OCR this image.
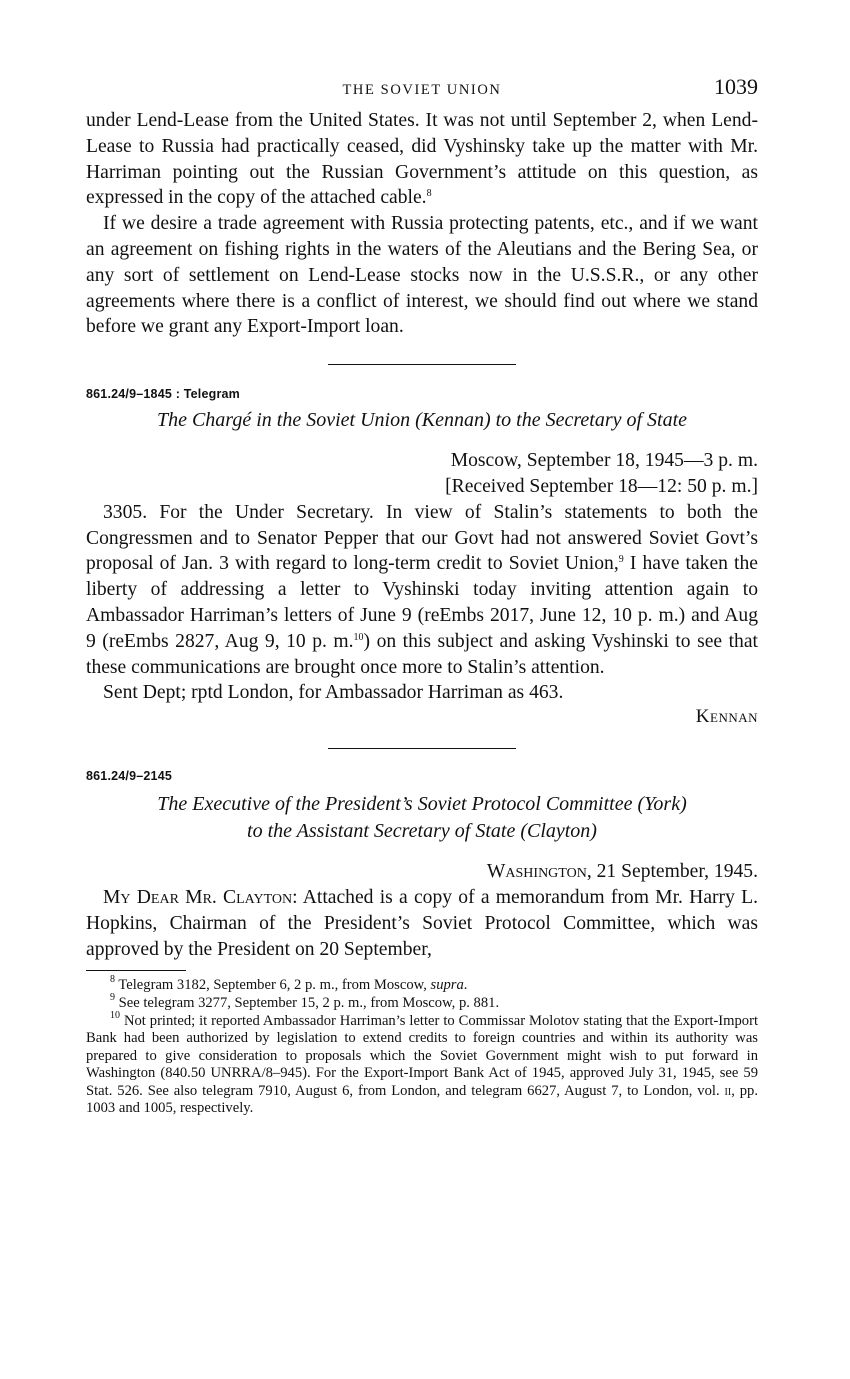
THE SOVIET UNION	1039

under Lend-Lease from the United States. It was not until September 2, when Lend-Lease to Russia had practically ceased, did Vyshinsky take up the matter with Mr. Harriman pointing out the Russian Government’s attitude on this question, as expressed in the copy of the attached cable.$^8$

If we desire a trade agreement with Russia protecting patents, etc., and if we want an agreement on fishing rights in the waters of the Aleutians and the Bering Sea, or any sort of settlement on Lend-Lease stocks now in the U.S.S.R., or any other agreements where there is a conflict of interest, we should find out where we stand before we grant any Export-Import loan.

861.24/9–1845 : Telegram

The Chargé in the Soviet Union (Kennan) to the Secretary of State

Moscow, September 18, 1945—3 p. m.

[Received September 18—12: 50 p. m.]

3305. For the Under Secretary. In view of Stalin’s statements to both the Congressmen and to Senator Pepper that our Govt had not answered Soviet Govt’s proposal of Jan. 3 with regard to long-term credit to Soviet Union,$^9$ I have taken the liberty of addressing a letter to Vyshinski today inviting attention again to Ambassador Harriman’s letters of June 9 (reEmbs 2017, June 12, 10 p. m.) and Aug 9 (reEmbs 2827, Aug 9, 10 p. m.$^{10}$) on this subject and asking Vyshinski to see that these communications are brought once more to Stalin’s attention.

Sent Dept; rptd London, for Ambassador Harriman as 463.

Kennan

861.24/9–2145

The Executive of the President’s Soviet Protocol Committee (York)

to the Assistant Secretary of State (Clayton)

Washington, 21 September, 1945.

My Dear Mr. Clayton: Attached is a copy of a memorandum from Mr. Harry L. Hopkins, Chairman of the President’s Soviet Protocol Committee, which was approved by the President on 20 September,

$^8$ Telegram 3182, September 6, 2 p. m., from Moscow, supra.

$^9$ See telegram 3277, September 15, 2 p. m., from Moscow, p. 881.

$^{10}$ Not printed; it reported Ambassador Harriman’s letter to Commissar Molotov stating that the Export-Import Bank had been authorized by legislation to extend credits to foreign countries and within its authority was prepared to give consideration to proposals which the Soviet Government might wish to put forward in Washington (840.50 UNRRA/8–945). For the Export-Import Bank Act of 1945, approved July 31, 1945, see 59 Stat. 526. See also telegram 7910, August 6, from London, and telegram 6627, August 7, to London, vol. ii, pp. 1003 and 1005, respectively.
